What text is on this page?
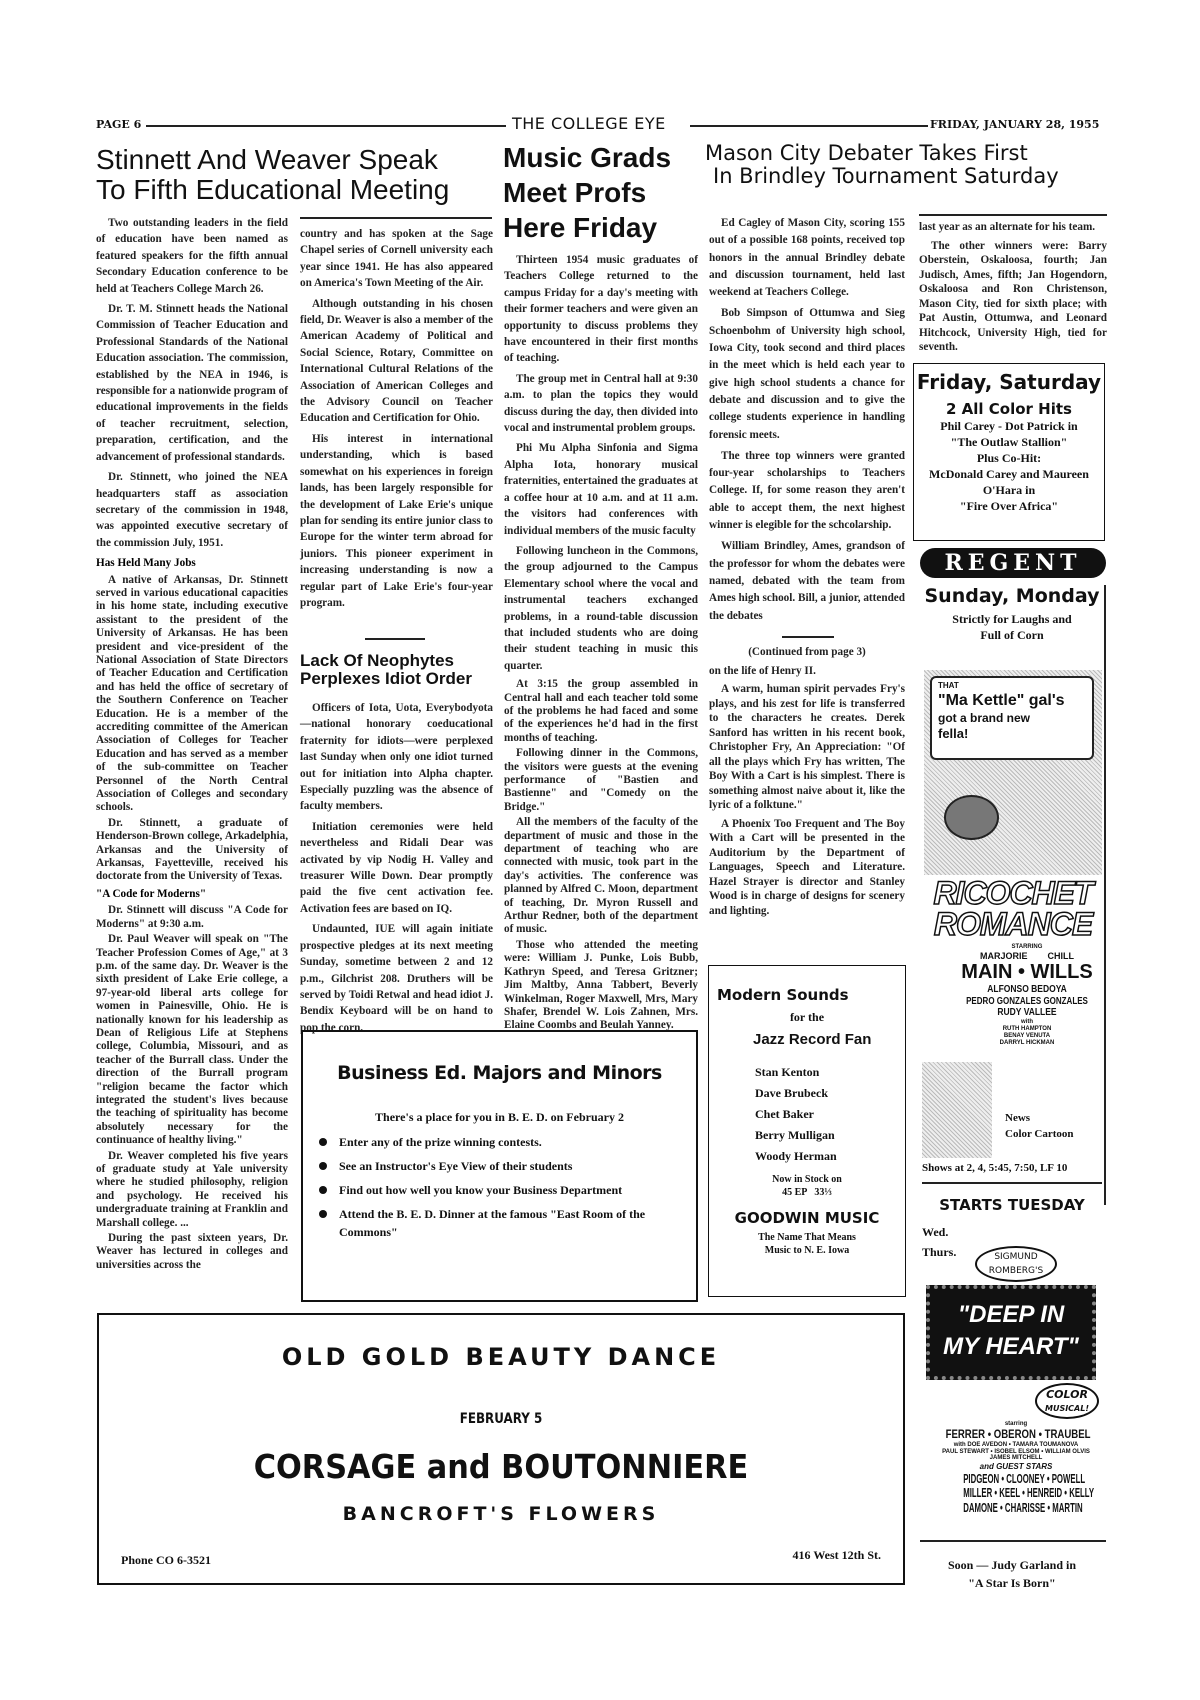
PAGE 6	THE COLLEGE EYE	FRIDAY, JANUARY 28, 1955
Stinnett And Weaver Speak
To Fifth Educational Meeting

Two outstanding leaders in the field of education have been named as featured speakers for the fifth annual Secondary Education conference to be held at Teachers College March 26.

Dr. T. M. Stinnett heads the National Commission of Teacher Education and Professional Standards of the National Education association. The commission, established by the NEA in 1946, is responsible for a nationwide program of educational improvements in the fields of teacher recruitment, selection, preparation, certification, and the advancement of professional standards.

Dr. Stinnett, who joined the NEA headquarters staff as association secretary of the commission in 1948, was appointed executive secretary of the commission July, 1951.

Has Held Many Jobs

A native of Arkansas, Dr. Stinnett served in various educational capacities in his home state, including executive assistant to the president of the University of Arkansas. He has been president and vice-president of the National Association of State Directors of Teacher Education and Certification and has held the office of secretary of the Southern Conference on Teacher Education. He is a member of the accrediting committee of the American Association of Colleges for Teacher Education and has served as a member of the sub-committee on Teacher Personnel of the North Central Association of Colleges and secondary schools.

Dr. Stinnett, a graduate of Henderson-Brown college, Arkadelphia, Arkansas and the University of Arkansas, Fayetteville, received his doctorate from the University of Texas.

"A Code for Moderns"

Dr. Stinnett will discuss "A Code for Moderns" at 9:30 a.m.

Dr. Paul Weaver will speak on "The Teacher Profession Comes of Age," at 3 p.m. of the same day. Dr. Weaver is the sixth president of Lake Erie college, a 97-year-old liberal arts college for women in Painesville, Ohio. He is nationally known for his leadership as Dean of Religious Life at Stephens college, Columbia, Missouri, and as teacher of the Burrall class. Under the direction of the Burrall program "religion became the factor which integrated the student's lives because the teaching of spirituality has become absolutely necessary for the continuance of healthy living."

Dr. Weaver completed his five years of graduate study at Yale university where he studied philosophy, religion and psychology. He received his undergraduate training at Franklin and Marshall college. ...

During the past sixteen years, Dr. Weaver has lectured in colleges and universities across the

country and has spoken at the Sage Chapel series of Cornell university each year since 1941. He has also appeared on America's Town Meeting of the Air.

Although outstanding in his chosen field, Dr. Weaver is also a member of the American Academy of Political and Social Science, Rotary, Committee on International Cultural Relations of the Association of American Colleges and the Advisory Council on Teacher Education and Certification for Ohio.

His interest in international understanding, which is based somewhat on his experiences in foreign lands, has been largely responsible for the development of Lake Erie's unique plan for sending its entire junior class to Europe for the winter term abroad for juniors. This pioneer experiment in increasing understanding is now a regular part of Lake Erie's four-year program.

Lack Of Neophytes Perplexes Idiot Order

Officers of Iota, Uota, Everybodyota—national honorary coeducational fraternity for idiots—were perplexed last Sunday when only one idiot turned out for initiation into Alpha chapter. Especially puzzling was the absence of faculty members.

Initiation ceremonies were held nevertheless and Ridali Dear was activated by vip Nodig H. Valley and treasurer Wille Down. Dear promptly paid the five cent activation fee. Activation fees are based on IQ.

Undaunted, IUE will again initiate prospective pledges at its next meeting Sunday, sometime between 2 and 12 p.m., Gilchrist 208. Druthers will be served by Toidi Retwal and head idiot J. Bendix Keyboard will be on hand to pop the corn.

Music Grads Meet Profs Here Friday

Thirteen 1954 music graduates of Teachers College returned to the campus Friday for a day's meeting with their former teachers and were given an opportunity to discuss problems they have encountered in their first months of teaching.

The group met in Central hall at 9:30 a.m. to plan the topics they would discuss during the day, then divided into vocal and instrumental problem groups.

Phi Mu Alpha Sinfonia and Sigma Alpha Iota, honorary musical fraternities, entertained the graduates at a coffee hour at 10 a.m. and at 11 a.m. the visitors had conferences with individual members of the music faculty

Following luncheon in the Commons, the group adjourned to the Campus Elementary school where the vocal and instrumental teachers exchanged problems, in a round-table discussion that included students who are doing their student teaching in music this quarter.

At 3:15 the group assembled in Central hall and each teacher told some of the problems he had faced and some of the experiences he'd had in the first months of teaching.

Following dinner in the Commons, the visitors were guests at the evening performance of "Bastien and Bastienne" and "Comedy on the Bridge."

All the members of the faculty of the department of music and those in the department of teaching who are connected with music, took part in the day's activities. The conference was planned by Alfred C. Moon, department of teaching, Dr. Myron Russell and Arthur Redner, both of the department of music.

Those who attended the meeting were: William J. Punke, Lois Bubb, Kathryn Speed, and Teresa Gritzner; Jim Maltby, Anna Tabbert, Beverly Winkelman, Roger Maxwell, Mrs, Mary Shafer, Brendel W. Lois Zahnen, Mrs. Elaine Coombs and Beulah Yanney.

Mason City Debater Takes First
In Brindley Tournament Saturday

Ed Cagley of Mason City, scoring 155 out of a possible 168 points, received top honors in the annual Brindley debate and discussion tournament, held last weekend at Teachers College.

Bob Simpson of Ottumwa and Sieg Schoenbohm of University high school, Iowa City, took second and third places in the meet which is held each year to give high school students a chance for debate and discussion and to give the college students experience in handling forensic meets.

The three top winners were granted four-year scholarships to Teachers College. If, for some reason they aren't able to accept them, the next highest winner is elegible for the schcolarship.

William Brindley, Ames, grandson of the professor for whom the debates were named, debated with the team from Ames high school. Bill, a junior, attended the debates

last year as an alternate for his team.

The other winners were: Barry Oberstein, Oskaloosa, fourth; Jan Judisch, Ames, fifth; Jan Hogendorn, Oskaloosa and Ron Christenson, Mason City, tied for sixth place; with Pat Austin, Ottumwa, and Leonard Hitchcock, University High, tied for seventh.

(Continued from page 3)

on the life of Henry II.

A warm, human spirit pervades Fry's plays, and his zest for life is transferred to the characters he creates. Derek Sanford has written in his recent book, Christopher Fry, An Appreciation: "Of all the plays which Fry has written, The Boy With a Cart is his simplest. There is something almost naive about it, like the lyric of a folktune."

A Phoenix Too Frequent and The Boy With a Cart will be presented in the Auditorium by the Department of Languages, Speech and Literature. Hazel Strayer is director and Stanley Wood is in charge of designs for scenery and lighting.

Friday, Saturday
2 All Color Hits
Phil Carey - Dot Patrick in
"The Outlaw Stallion"
Plus Co-Hit:
McDonald Carey and Maureen O'Hara in
"Fire Over Africa"
REGENT
Sunday, Monday
Strictly for Laughs and
Full of Corn
THAT
"Ma Kettle" gal's
got a brand new
fella!
RICOCHET
ROMANCE
STARRING
MARJORIE        CHILL
MAIN • WILLS
ALFONSO BEDOYA
PEDRO GONZALES GONZALES
RUDY VALLEE
with
RUTH HAMPTON
BENAY VENUTA
DARRYL HICKMAN
News
Color Cartoon
Shows at 2, 4, 5:45, 7:50, LF 10
STARTS TUESDAY
Wed.
Thurs.	SIGMUND
ROMBERG'S
"DEEP IN
MY HEART"
COLOR
MUSICAL!
starring
FERRER • OBERON • TRAUBEL
with DOE AVEDON • TAMARA TOUMANOVA
PAUL STEWART • ISOBEL ELSOM • WILLIAM OLVIS
JAMES MITCHELL
and GUEST STARS
PIDGEON • CLOONEY • POWELL
MILLER • KEEL • HENREID • KELLY
DAMONE • CHARISSE • MARTIN
Soon — Judy Garland in
"A Star Is Born"
Business Ed. Majors and Minors
There's a place for you in B. E. D. on February 2
Enter any of the prize winning contests.
See an Instructor's Eye View of their students
Find out how well you know your Business Department
Attend the B. E. D. Dinner at the famous "East Room of the Commons"
Modern Sounds
for the
Jazz Record Fan
Stan Kenton
Dave Brubeck
Chet Baker
Berry Mulligan
Woody Herman
Now in Stock on
45 EP   33⅓
GOODWIN MUSIC
The Name That Means
Music to N. E. Iowa
OLD GOLD BEAUTY DANCE
FEBRUARY 5
CORSAGE and BOUTONNIERE
BANCROFT'S FLOWERS
Phone CO 6-3521	416 West 12th St.
